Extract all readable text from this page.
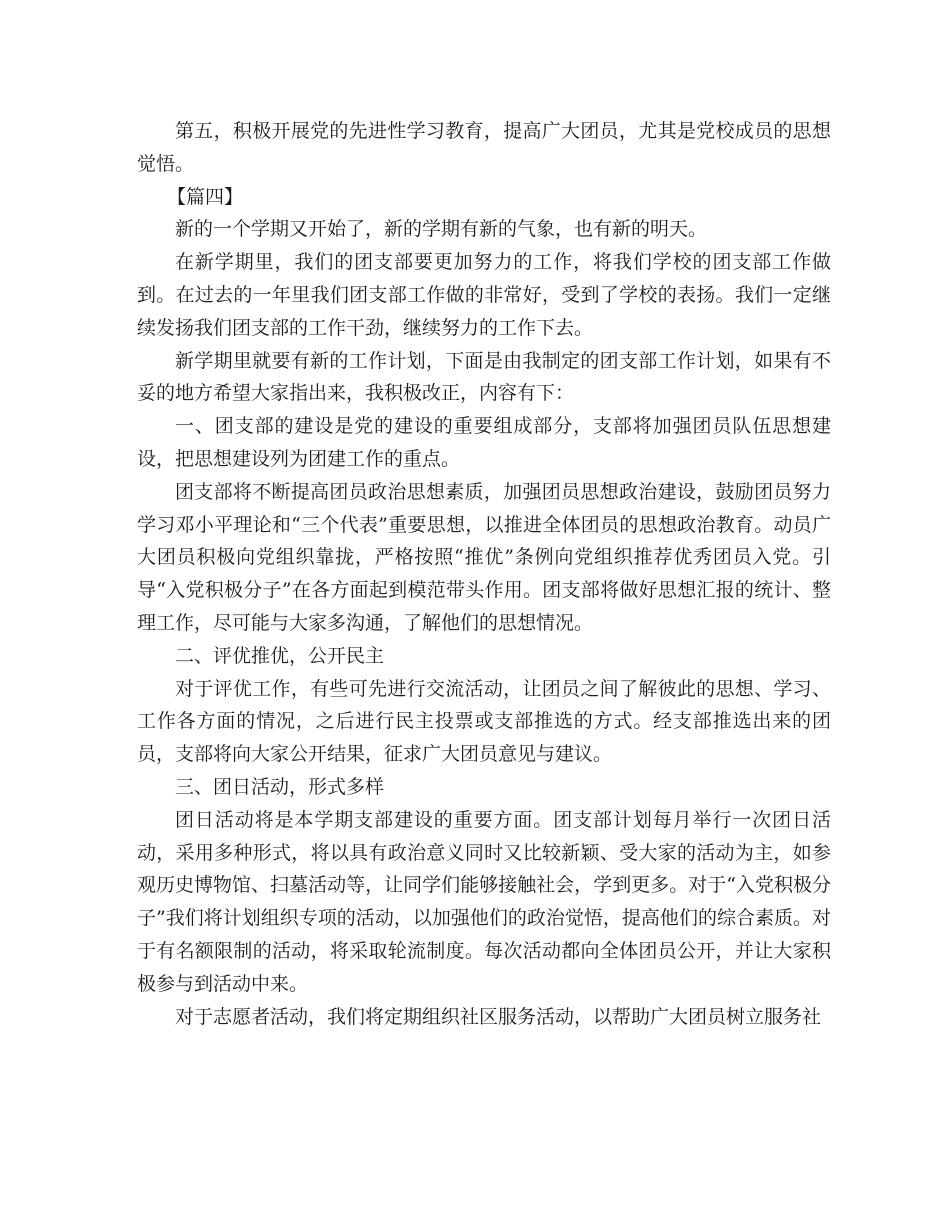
第五，积极开展党的先进性学习教育，提高广大团员，尤其是党校成员的思想觉悟。

【篇四】

新的一个学期又开始了，新的学期有新的气象，也有新的明天。

在新学期里，我们的团支部要更加努力的工作，将我们学校的团支部工作做到。在过去的一年里我们团支部工作做的非常好，受到了学校的表扬。我们一定继续发扬我们团支部的工作干劲，继续努力的工作下去。

新学期里就要有新的工作计划，下面是由我制定的团支部工作计划，如果有不妥的地方希望大家指出来，我积极改正，内容有下：

一、团支部的建设是党的建设的重要组成部分，支部将加强团员队伍思想建设，把思想建设列为团建工作的重点。

团支部将不断提高团员政治思想素质，加强团员思想政治建设，鼓励团员努力学习邓小平理论和“三个代表”重要思想，以推进全体团员的思想政治教育。动员广大团员积极向党组织靠拢，严格按照“推优”条例向党组织推荐优秀团员入党。引导“入党积极分子”在各方面起到模范带头作用。团支部将做好思想汇报的统计、整理工作，尽可能与大家多沟通，了解他们的思想情况。

二、评优推优，公开民主

对于评优工作，有些可先进行交流活动，让团员之间了解彼此的思想、学习、工作各方面的情况，之后进行民主投票或支部推选的方式。经支部推选出来的团员，支部将向大家公开结果，征求广大团员意见与建议。

三、团日活动，形式多样

团日活动将是本学期支部建设的重要方面。团支部计划每月举行一次团日活动，采用多种形式，将以具有政治意义同时又比较新颖、受大家的活动为主，如参观历史博物馆、扫墓活动等，让同学们能够接触社会，学到更多。对于“入党积极分子”我们将计划组织专项的活动，以加强他们的政治觉悟，提高他们的综合素质。对于有名额限制的活动，将采取轮流制度。每次活动都向全体团员公开，并让大家积极参与到活动中来。

对于志愿者活动，我们将定期组织社区服务活动，以帮助广大团员树立服务社
